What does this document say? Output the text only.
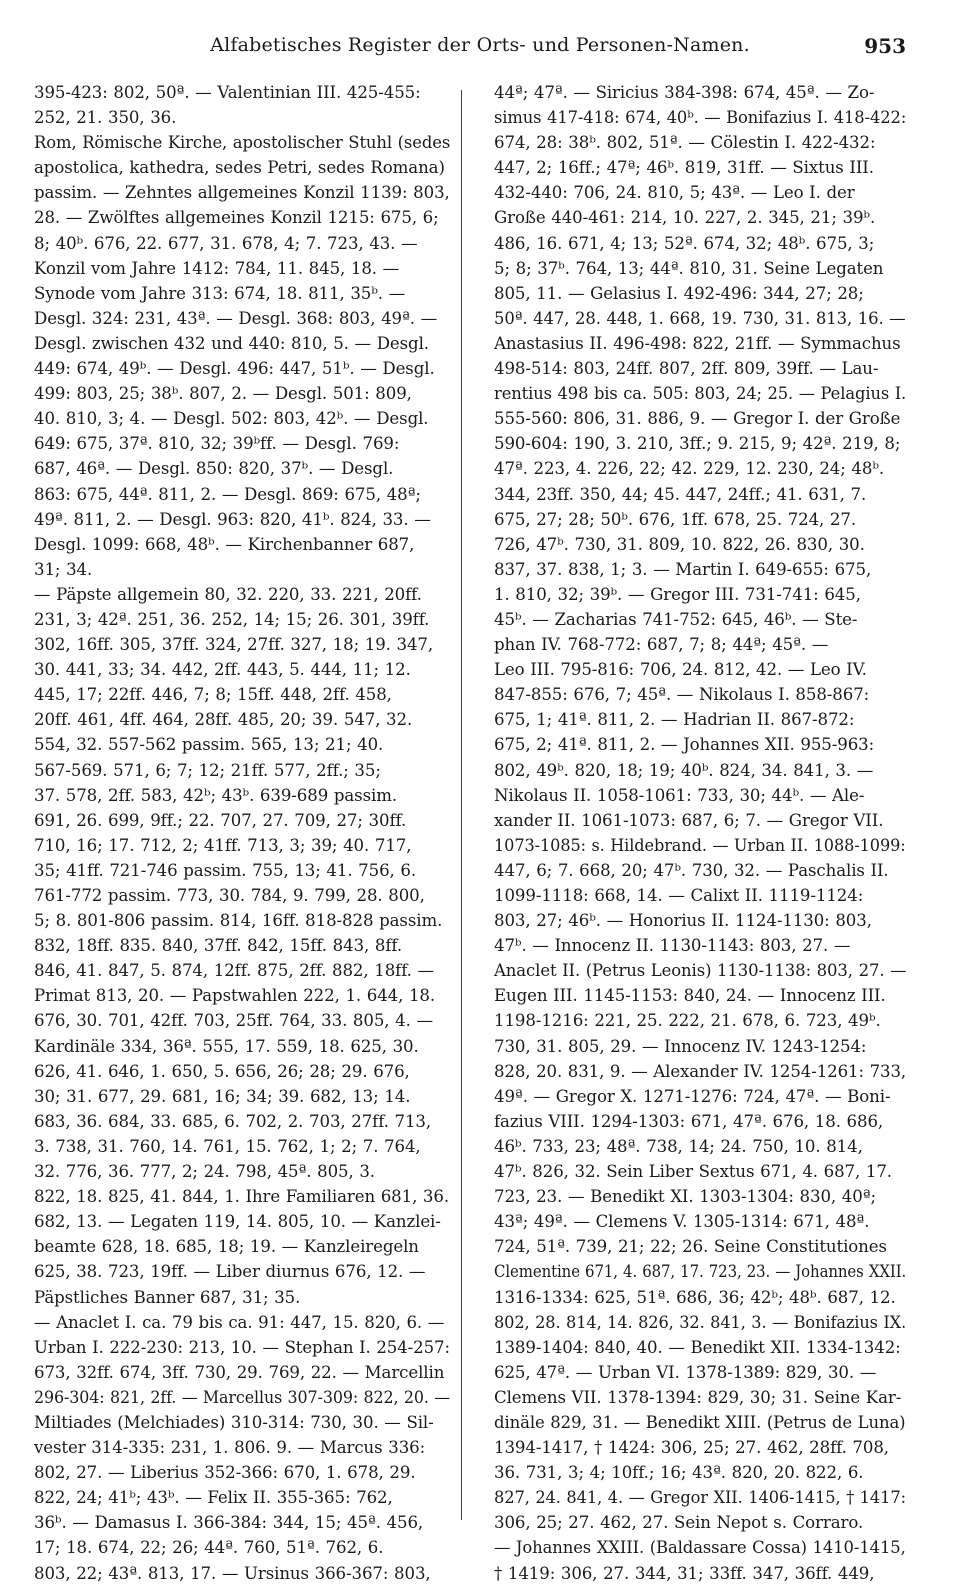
Alfabetisches Register der Orts- und Personen-Namen.	953
395-423: 802, 50ª. — Valentinian III. 425-455:
252, 21. 350, 36.
Rom, Römische Kirche, apostolischer Stuhl (sedes
apostolica, kathedra, sedes Petri, sedes Romana)
passim. — Zehntes allgemeines Konzil 1139: 803,
28. — Zwölftes allgemeines Konzil 1215: 675, 6;
8; 40ᵇ. 676, 22. 677, 31. 678, 4; 7. 723, 43. —
Konzil vom Jahre 1412: 784, 11. 845, 18. —
Synode vom Jahre 313: 674, 18. 811, 35ᵇ. —
Desgl. 324: 231, 43ª. — Desgl. 368: 803, 49ª. —
Desgl. zwischen 432 und 440: 810, 5. — Desgl.
449: 674, 49ᵇ. — Desgl. 496: 447, 51ᵇ. — Desgl.
499: 803, 25; 38ᵇ. 807, 2. — Desgl. 501: 809,
40. 810, 3; 4. — Desgl. 502: 803, 42ᵇ. — Desgl.
649: 675, 37ª. 810, 32; 39ᵇff. — Desgl. 769:
687, 46ª. — Desgl. 850: 820, 37ᵇ. — Desgl.
863: 675, 44ª. 811, 2. — Desgl. 869: 675, 48ª;
49ª. 811, 2. — Desgl. 963: 820, 41ᵇ. 824, 33. —
Desgl. 1099: 668, 48ᵇ. — Kirchenbanner 687,
31; 34.
— Päpste allgemein 80, 32. 220, 33. 221, 20ff.
231, 3; 42ª. 251, 36. 252, 14; 15; 26. 301, 39ff.
302, 16ff. 305, 37ff. 324, 27ff. 327, 18; 19. 347,
30. 441, 33; 34. 442, 2ff. 443, 5. 444, 11; 12.
445, 17; 22ff. 446, 7; 8; 15ff. 448, 2ff. 458,
20ff. 461, 4ff. 464, 28ff. 485, 20; 39. 547, 32.
554, 32. 557-562 passim. 565, 13; 21; 40.
567-569. 571, 6; 7; 12; 21ff. 577, 2ff.; 35;
37. 578, 2ff. 583, 42ᵇ; 43ᵇ. 639-689 passim.
691, 26. 699, 9ff.; 22. 707, 27. 709, 27; 30ff.
710, 16; 17. 712, 2; 41ff. 713, 3; 39; 40. 717,
35; 41ff. 721-746 passim. 755, 13; 41. 756, 6.
761-772 passim. 773, 30. 784, 9. 799, 28. 800,
5; 8. 801-806 passim. 814, 16ff. 818-828 passim.
832, 18ff. 835. 840, 37ff. 842, 15ff. 843, 8ff.
846, 41. 847, 5. 874, 12ff. 875, 2ff. 882, 18ff. —
Primat 813, 20. — Papstwahlen 222, 1. 644, 18.
676, 30. 701, 42ff. 703, 25ff. 764, 33. 805, 4. —
Kardinäle 334, 36ª. 555, 17. 559, 18. 625, 30.
626, 41. 646, 1. 650, 5. 656, 26; 28; 29. 676,
30; 31. 677, 29. 681, 16; 34; 39. 682, 13; 14.
683, 36. 684, 33. 685, 6. 702, 2. 703, 27ff. 713,
3. 738, 31. 760, 14. 761, 15. 762, 1; 2; 7. 764,
32. 776, 36. 777, 2; 24. 798, 45ª. 805, 3.
822, 18. 825, 41. 844, 1. Ihre Familiaren 681, 36.
682, 13. — Legaten 119, 14. 805, 10. — Kanzlei-
beamte 628, 18. 685, 18; 19. — Kanzleiregeln
625, 38. 723, 19ff. — Liber diurnus 676, 12. —
Päpstliches Banner 687, 31; 35.
— Anaclet I. ca. 79 bis ca. 91: 447, 15. 820, 6. —
Urban I. 222-230: 213, 10. — Stephan I. 254-257:
673, 32ff. 674, 3ff. 730, 29. 769, 22. — Marcellin
296-304: 821, 2ff. — Marcellus 307-309: 822, 20. —
Miltiades (Melchiades) 310-314: 730, 30. — Sil-
vester 314-335: 231, 1. 806. 9. — Marcus 336:
802, 27. — Liberius 352-366: 670, 1. 678, 29.
822, 24; 41ᵇ; 43ᵇ. — Felix II. 355-365: 762,
36ᵇ. — Damasus I. 366-384: 344, 15; 45ª. 456,
17; 18. 674, 22; 26; 44ª. 760, 51ª. 762, 6.
803, 22; 43ª. 813, 17. — Ursinus 366-367: 803,
44ª; 47ª. — Siricius 384-398: 674, 45ª. — Zo-
simus 417-418: 674, 40ᵇ. — Bonifazius I. 418-422:
674, 28: 38ᵇ. 802, 51ª. — Cölestin I. 422-432:
447, 2; 16ff.; 47ª; 46ᵇ. 819, 31ff. — Sixtus III.
432-440: 706, 24. 810, 5; 43ª. — Leo I. der
Große 440-461: 214, 10. 227, 2. 345, 21; 39ᵇ.
486, 16. 671, 4; 13; 52ª. 674, 32; 48ᵇ. 675, 3;
5; 8; 37ᵇ. 764, 13; 44ª. 810, 31. Seine Legaten
805, 11. — Gelasius I. 492-496: 344, 27; 28;
50ª. 447, 28. 448, 1. 668, 19. 730, 31. 813, 16. —
Anastasius II. 496-498: 822, 21ff. — Symmachus
498-514: 803, 24ff. 807, 2ff. 809, 39ff. — Lau-
rentius 498 bis ca. 505: 803, 24; 25. — Pelagius I.
555-560: 806, 31. 886, 9. — Gregor I. der Große
590-604: 190, 3. 210, 3ff.; 9. 215, 9; 42ª. 219, 8;
47ª. 223, 4. 226, 22; 42. 229, 12. 230, 24; 48ᵇ.
344, 23ff. 350, 44; 45. 447, 24ff.; 41. 631, 7.
675, 27; 28; 50ᵇ. 676, 1ff. 678, 25. 724, 27.
726, 47ᵇ. 730, 31. 809, 10. 822, 26. 830, 30.
837, 37. 838, 1; 3. — Martin I. 649-655: 675,
1. 810, 32; 39ᵇ. — Gregor III. 731-741: 645,
45ᵇ. — Zacharias 741-752: 645, 46ᵇ. — Ste-
phan IV. 768-772: 687, 7; 8; 44ª; 45ª. —
Leo III. 795-816: 706, 24. 812, 42. — Leo IV.
847-855: 676, 7; 45ª. — Nikolaus I. 858-867:
675, 1; 41ª. 811, 2. — Hadrian II. 867-872:
675, 2; 41ª. 811, 2. — Johannes XII. 955-963:
802, 49ᵇ. 820, 18; 19; 40ᵇ. 824, 34. 841, 3. —
Nikolaus II. 1058-1061: 733, 30; 44ᵇ. — Ale-
xander II. 1061-1073: 687, 6; 7. — Gregor VII.
1073-1085: s. Hildebrand. — Urban II. 1088-1099:
447, 6; 7. 668, 20; 47ᵇ. 730, 32. — Paschalis II.
1099-1118: 668, 14. — Calixt II. 1119-1124:
803, 27; 46ᵇ. — Honorius II. 1124-1130: 803,
47ᵇ. — Innocenz II. 1130-1143: 803, 27. —
Anaclet II. (Petrus Leonis) 1130-1138: 803, 27. —
Eugen III. 1145-1153: 840, 24. — Innocenz III.
1198-1216: 221, 25. 222, 21. 678, 6. 723, 49ᵇ.
730, 31. 805, 29. — Innocenz IV. 1243-1254:
828, 20. 831, 9. — Alexander IV. 1254-1261: 733,
49ª. — Gregor X. 1271-1276: 724, 47ª. — Boni-
fazius VIII. 1294-1303: 671, 47ª. 676, 18. 686,
46ᵇ. 733, 23; 48ª. 738, 14; 24. 750, 10. 814,
47ᵇ. 826, 32. Sein Liber Sextus 671, 4. 687, 17.
723, 23. — Benedikt XI. 1303-1304: 830, 40ª;
43ª; 49ª. — Clemens V. 1305-1314: 671, 48ª.
724, 51ª. 739, 21; 22; 26. Seine Constitutiones
Clementine 671, 4. 687, 17. 723, 23. — Johannes XXII.
1316-1334: 625, 51ª. 686, 36; 42ᵇ; 48ᵇ. 687, 12.
802, 28. 814, 14. 826, 32. 841, 3. — Bonifazius IX.
1389-1404: 840, 40. — Benedikt XII. 1334-1342:
625, 47ª. — Urban VI. 1378-1389: 829, 30. —
Clemens VII. 1378-1394: 829, 30; 31. Seine Kar-
dinäle 829, 31. — Benedikt XIII. (Petrus de Luna)
1394-1417, † 1424: 306, 25; 27. 462, 28ff. 708,
36. 731, 3; 4; 10ff.; 16; 43ª. 820, 20. 822, 6.
827, 24. 841, 4. — Gregor XII. 1406-1415, † 1417:
306, 25; 27. 462, 27. Sein Nepot s. Corraro.
— Johannes XXIII. (Baldassare Cossa) 1410-1415,
† 1419: 306, 27. 344, 31; 33ff. 347, 36ff. 449,
